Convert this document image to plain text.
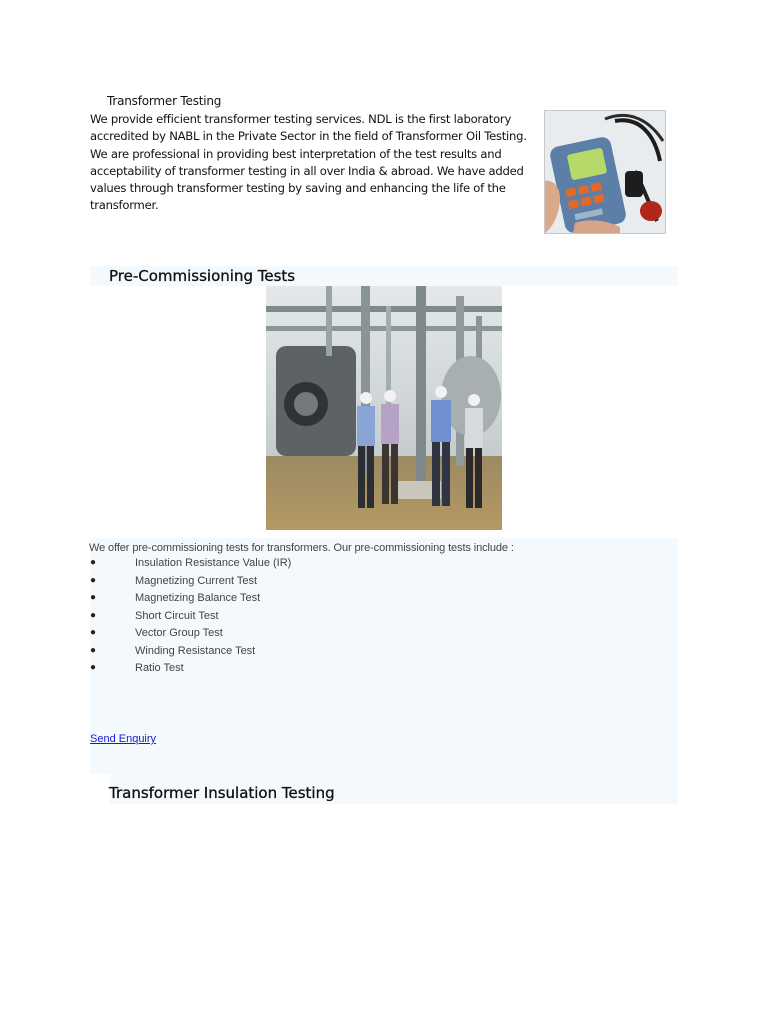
Transformer Testing
We provide efficient transformer testing services. NDL is the first laboratory accredited by NABL in the Private Sector in the field of Transformer Oil Testing. We are professional in providing best interpretation of the test results and acceptability of transformer testing in all over India & abroad. We have added values through transformer testing by saving and enhancing the life of the transformer.
Pre-Commissioning Tests
We offer pre-commissioning tests for transformers. Our pre-commissioning tests include :
●	Insulation Resistance Value (IR)
●	Magnetizing Current Test
●	Magnetizing Balance Test
●	Short Circuit Test
●	Vector Group Test
●	Winding Resistance Test
●	Ratio Test
Send Enquiry
Transformer Insulation Testing
